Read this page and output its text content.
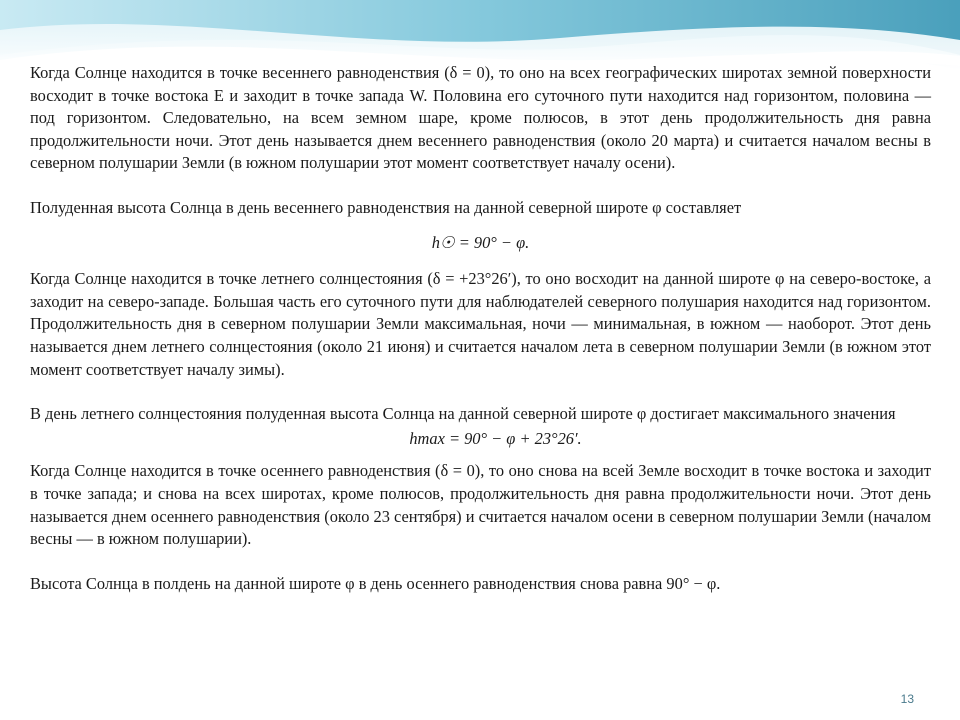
Когда Солнце находится в точке весеннего равноденствия (δ = 0), то оно на всех географических широтах земной поверхности восходит в точке востока E и заходит в точке запада W. Половина его суточного пути находится над горизонтом, половина — под горизонтом. Следовательно, на всем земном шаре, кроме полюсов, в этот день продолжительность дня равна продолжительности ночи. Этот день называется днем весеннего равноденствия (около 20 марта) и считается началом весны в северном полушарии Земли (в южном полушарии этот момент соответствует началу осени).

Полуденная высота Солнца в день весеннего равноденствия на данной северной широте φ составляет

h☉ = 90° − φ.

Когда Солнце находится в точке летнего солнцестояния (δ = +23°26′), то оно восходит на данной широте φ на северо-востоке, а заходит на северо-западе. Большая часть его суточного пути для наблюдателей северного полушария находится над горизонтом. Продолжительность дня в северном полушарии Земли максимальная, ночи — минимальная, в южном — наоборот. Этот день называется днем летнего солнцестояния (около 21 июня) и считается началом лета в северном полушарии Земли (в южном этот момент соответствует началу зимы).

В день летнего солнцестояния полуденная высота Солнца на данной северной широте φ достигает максимального значения

hmax = 90° − φ + 23°26′.

Когда Солнце находится в точке осеннего равноденствия (δ = 0), то оно снова на всей Земле восходит в точке востока и заходит в точке запада; и снова на всех широтах, кроме полюсов, продолжительность дня равна продолжительности ночи. Этот день называется днем осеннего равноденствия (около 23 сентября) и считается началом осени в северном полушарии Земли (началом весны — в южном полушарии).

Высота Солнца в полдень на данной широте φ в день осеннего равноденствия снова равна 90° − φ.

13
